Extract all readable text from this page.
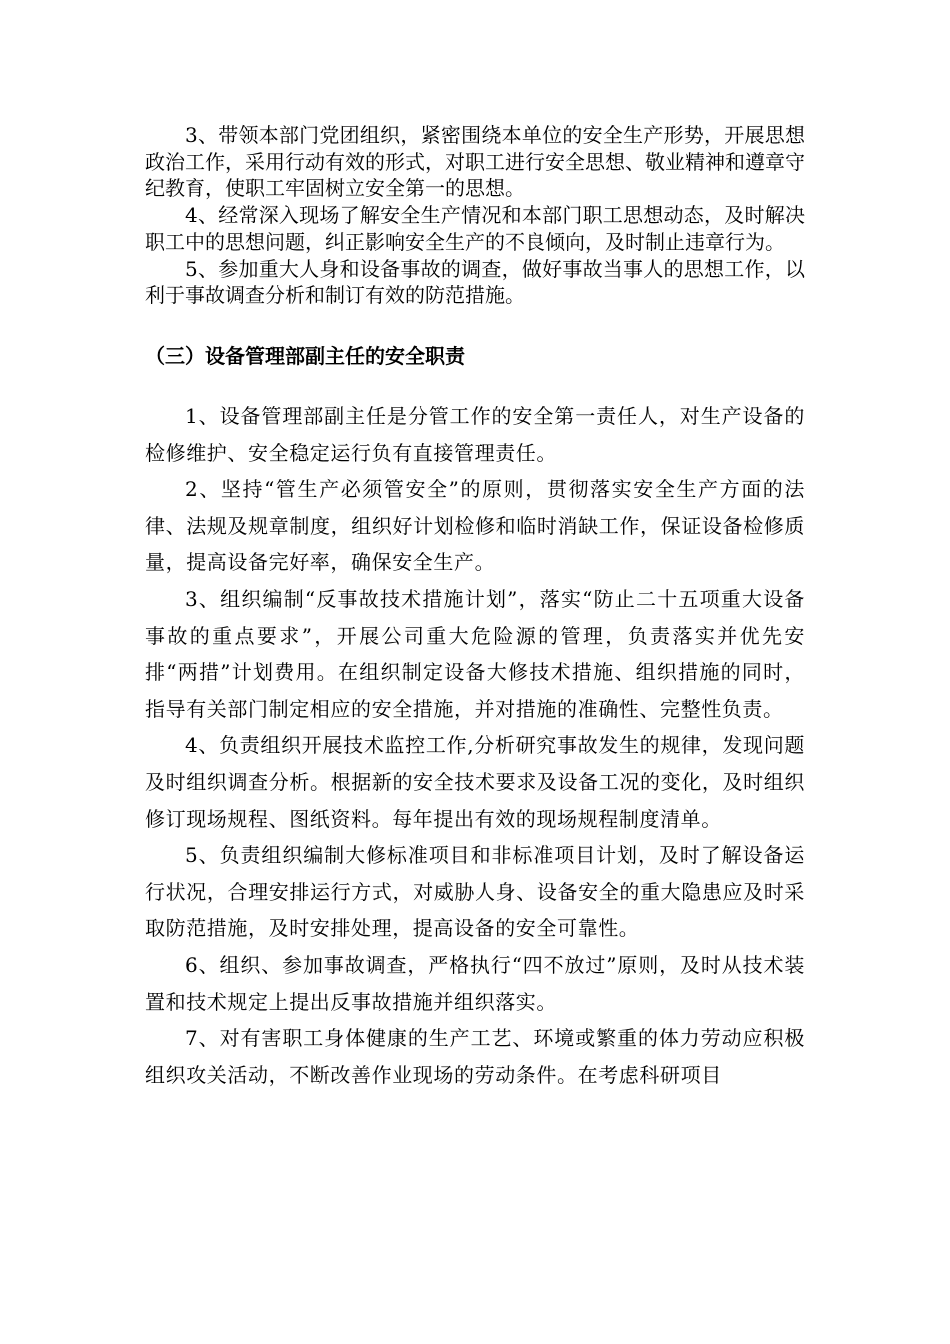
3、带领本部门党团组织，紧密围绕本单位的安全生产形势，开展思想政治工作，采用行动有效的形式，对职工进行安全思想、敬业精神和遵章守纪教育，使职工牢固树立安全第一的思想。

4、经常深入现场了解安全生产情况和本部门职工思想动态，及时解决职工中的思想问题，纠正影响安全生产的不良倾向，及时制止违章行为。

5、参加重大人身和设备事故的调查，做好事故当事人的思想工作，以利于事故调查分析和制订有效的防范措施。

（三）设备管理部副主任的安全职责

1、设备管理部副主任是分管工作的安全第一责任人，对生产设备的检修维护、安全稳定运行负有直接管理责任。

2、坚持“管生产必须管安全”的原则，贯彻落实安全生产方面的法律、法规及规章制度，组织好计划检修和临时消缺工作，保证设备检修质量，提高设备完好率，确保安全生产。

3、组织编制“反事故技术措施计划”，落实“防止二十五项重大设备事故的重点要求”，开展公司重大危险源的管理，负责落实并优先安排“两措”计划费用。在组织制定设备大修技术措施、组织措施的同时，指导有关部门制定相应的安全措施，并对措施的准确性、完整性负责。

4、负责组织开展技术监控工作,分析研究事故发生的规律，发现问题及时组织调查分析。根据新的安全技术要求及设备工况的变化，及时组织修订现场规程、图纸资料。每年提出有效的现场规程制度清单。

5、负责组织编制大修标准项目和非标准项目计划，及时了解设备运行状况，合理安排运行方式，对威胁人身、设备安全的重大隐患应及时采取防范措施，及时安排处理，提高设备的安全可靠性。

6、组织、参加事故调查，严格执行“四不放过”原则，及时从技术装置和技术规定上提出反事故措施并组织落实。

7、对有害职工身体健康的生产工艺、环境或繁重的体力劳动应积极组织攻关活动，不断改善作业现场的劳动条件。在考虑科研项目
